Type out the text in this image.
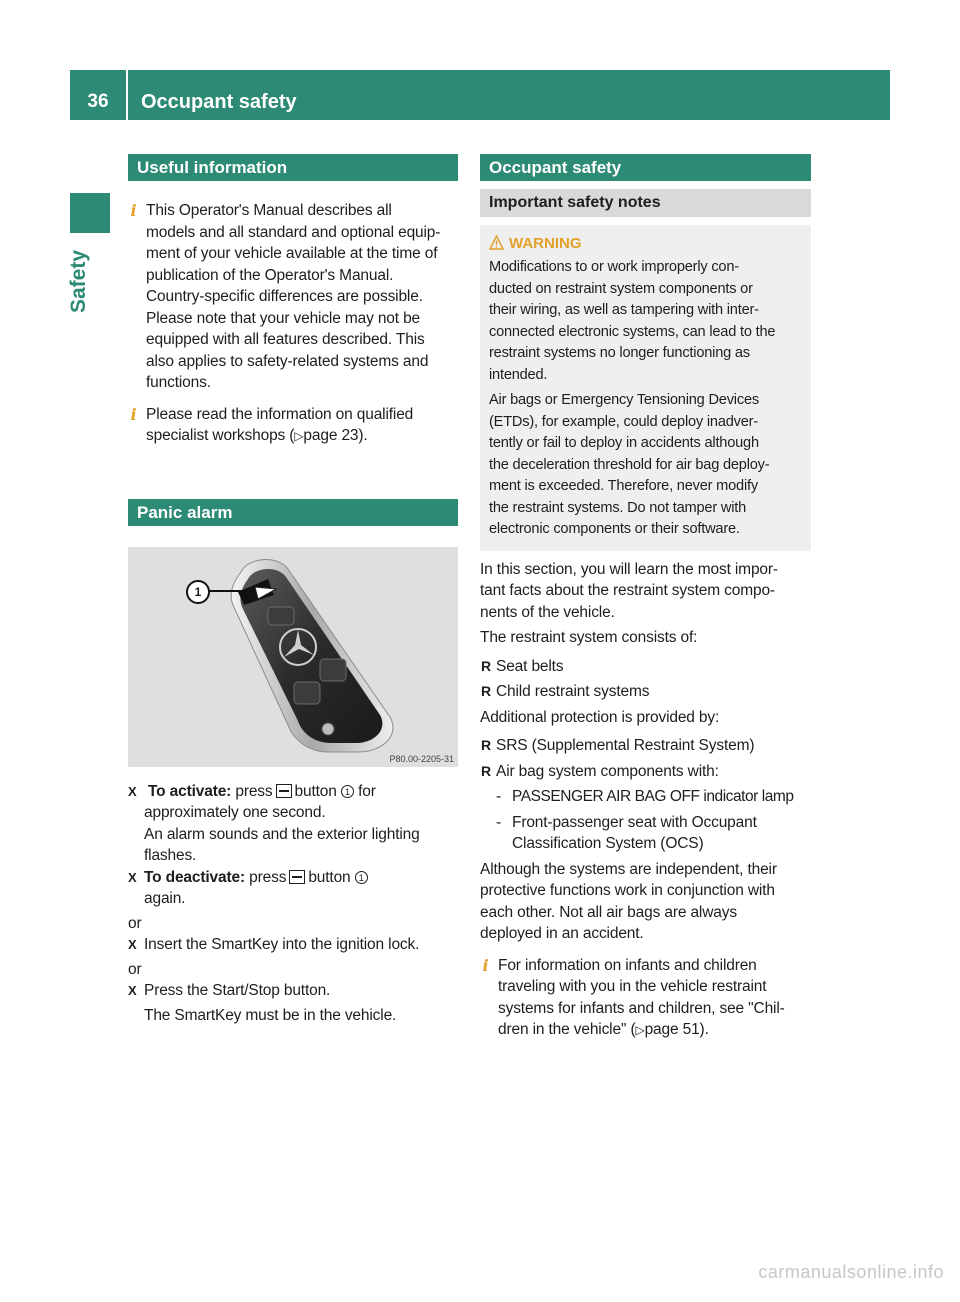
36	Occupant safety
Safety
Useful information
i This Operator's Manual describes all

models and all standard and optional equip-

ment of your vehicle available at the time of

publication of the Operator's Manual.

Country-specific differences are possible.

Please note that your vehicle may not be

equipped with all features described. This

also applies to safety-related systems and

functions.

i Please read the information on qualified

specialist workshops (▷page 23).

Panic alarm
1
P80.00-2205-31
X To activate: press button 1 for

approximately one second.

An alarm sounds and the exterior lighting

flashes.

X To deactivate: press button 1

again.

or

X Insert the SmartKey into the ignition lock.

or

X Press the Start/Stop button.

The SmartKey must be in the vehicle.

Occupant safety
Important safety notes
WARNING

Modifications to or work improperly con-

ducted on restraint system components or

their wiring, as well as tampering with inter-

connected electronic systems, can lead to the

restraint systems no longer functioning as

intended.

Air bags or Emergency Tensioning Devices

(ETDs), for example, could deploy inadver-

tently or fail to deploy in accidents although

the deceleration threshold for air bag deploy-

ment is exceeded. Therefore, never modify

the restraint systems. Do not tamper with

electronic components or their software.

In this section, you will learn the most impor-

tant facts about the restraint system compo-

nents of the vehicle.

The restraint system consists of:

R Seat belts

R Child restraint systems

Additional protection is provided by:

R SRS (Supplemental Restraint System)

R Air bag system components with:

- PASSENGER AIR BAG OFF indicator lamp

- Front-passenger seat with Occupant

Classification System (OCS)

Although the systems are independent, their

protective functions work in conjunction with

each other. Not all air bags are always

deployed in an accident.

i For information on infants and children

traveling with you in the vehicle restraint

systems for infants and children, see "Chil-

dren in the vehicle" (▷page 51).

carmanualsonline.info
